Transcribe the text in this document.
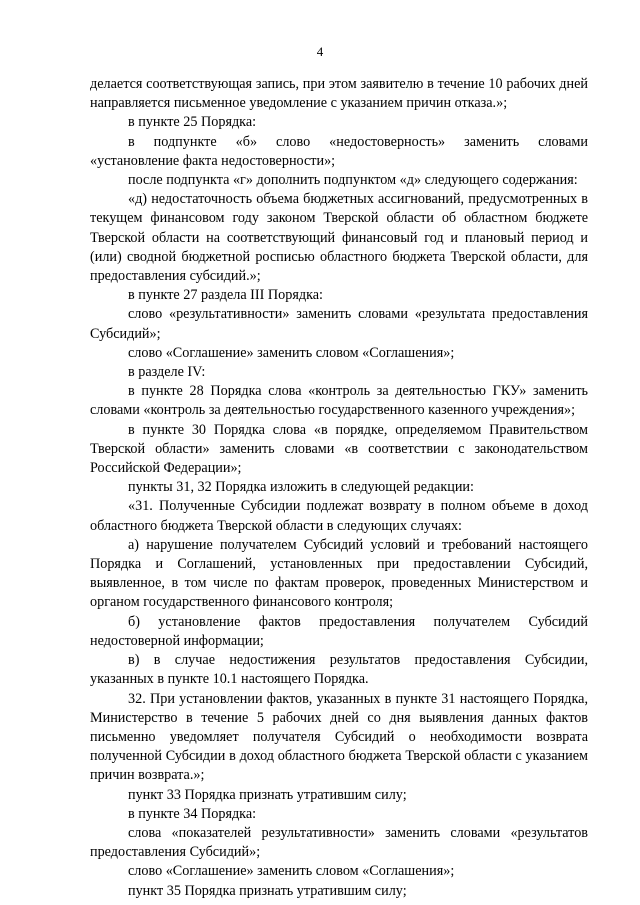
4

делается соответствующая запись, при этом заявителю в течение 10 рабочих дней направляется письменное уведомление с указанием причин отказа.»;

в пункте 25 Порядка:

в подпункте «б» слово «недостоверность» заменить словами «установление факта недостоверности»;

после подпункта «г» дополнить подпунктом «д» следующего содержания:

«д) недостаточность объема бюджетных ассигнований, предусмотренных в текущем финансовом году законом Тверской области об областном бюджете Тверской области на соответствующий финансовый год и плановый период и (или) сводной бюджетной росписью областного бюджета Тверской области, для предоставления субсидий.»;

в пункте 27 раздела III Порядка:

слово «результативности» заменить словами «результата предоставления Субсидий»;

слово «Соглашение» заменить словом «Соглашения»;

в разделе IV:

в пункте 28 Порядка слова «контроль за деятельностью ГКУ» заменить словами «контроль за деятельностью государственного казенного учреждения»;

в пункте 30 Порядка слова «в порядке, определяемом Правительством Тверской области» заменить словами «в соответствии с законодательством Российской Федерации»;

пункты 31, 32 Порядка изложить в следующей редакции:

«31. Полученные Субсидии подлежат возврату в полном объеме в доход областного бюджета Тверской области в следующих случаях:

а) нарушение получателем Субсидий условий и требований настоящего Порядка и Соглашений, установленных при предоставлении Субсидий, выявленное, в том числе по фактам проверок, проведенных Министерством и органом государственного финансового контроля;

б) установление фактов предоставления получателем Субсидий недостоверной информации;

в) в случае недостижения результатов предоставления Субсидии, указанных в пункте 10.1 настоящего Порядка.

32. При установлении фактов, указанных в пункте 31 настоящего Порядка, Министерство в течение 5 рабочих дней со дня выявления данных фактов письменно уведомляет получателя Субсидий о необходимости возврата полученной Субсидии в доход областного бюджета Тверской области с указанием причин возврата.»;

пункт 33 Порядка признать утратившим силу;

в пункте 34 Порядка:

слова «показателей результативности» заменить словами «результатов предоставления Субсидий»;

слово «Соглашение» заменить словом «Соглашения»;

пункт 35 Порядка признать утратившим силу;
